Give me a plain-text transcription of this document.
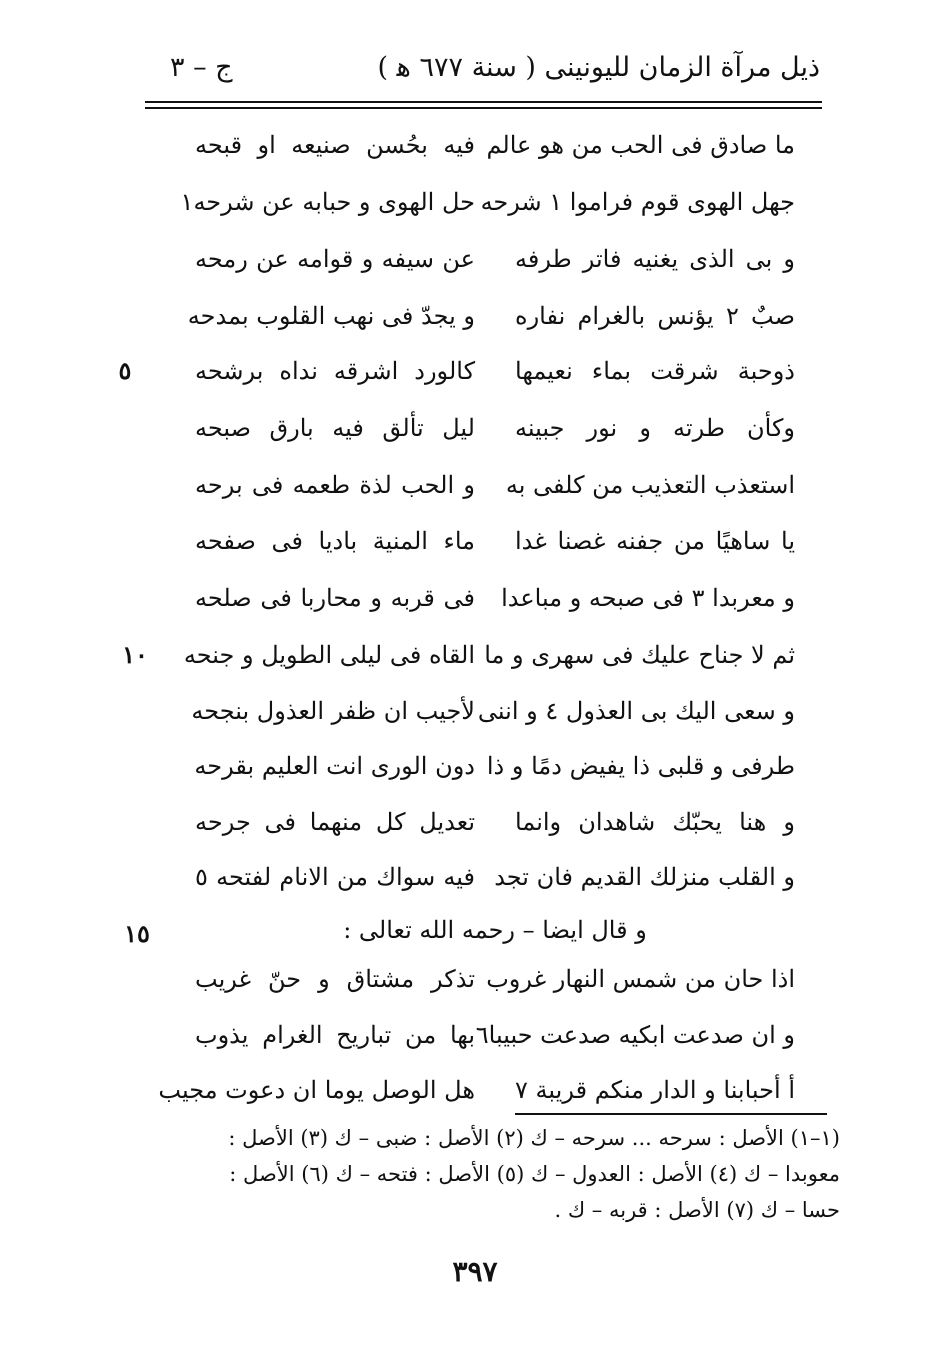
ذيل مرآة الزمان لليونينى ( سنة ٦٧٧ ﻫ )
ج – ٣
ما صادق فى الحب من هو عالم
فيه بحُسن صنيعه او قبحه
جهل الهوى قوم فراموا ١ شرحه
حل الهوى و حبابه عن شرحه١
و بى الذى يغنيه فاتر طرفه
عن سيفه و قوامه عن رمحه
صبٌ ٢ يؤنس بالغرام نفاره
و يجدّ فى نهب القلوب بمدحه
ذوحبة شرقت بماء نعيمها
كالورد اشرقه نداه برشحه
وكأن طرته و نور جبينه
ليل تألق فيه بارق صبحه
استعذب التعذيب من كلفى به
و الحب لذة طعمه فى برحه
يا ساهيًا من جفنه غصنا غدا
ماء المنية باديا فى صفحه
و معربدا ٣ فى صبحه و مباعدا
فى قربه و محاربا فى صلحه
ثم لا جناح عليك فى سهرى و ما
القاه فى ليلى الطويل و جنحه
و سعى اليك بى العذول ٤ و اننى
لأجيب ان ظفر العذول بنجحه
طرفى و قلبى ذا يفيض دمًا و ذا
دون الورى انت العليم بقرحه
و هنا يحبّك شاهدان وانما
تعديل كل منهما فى جرحه
و القلب منزلك القديم فان تجد
فيه سواك من الانام لفتحه ٥
و قال ايضا – رحمه الله تعالى :
اذا حان من شمس النهار غروب
تذكر مشتاق و حنّ غريب
و ان صدعت ابكيه صدعت حبيبا٦
بها من تباريح الغرام يذوب
أ أحبابنا و الدار منكم قريبة ٧
هل الوصل يوما ان دعوت مجيب
٥
١٠
١٥
(١–١) الأصل : سرحه ... سرحه – ك (٢) الأصل : ضبى – ك (٣) الأصل :
معوبدا – ك (٤) الأصل : العدول – ك (٥) الأصل : فتحه – ك (٦) الأصل :
حسا – ك (٧) الأصل : قربه – ك .
٣٩٧
